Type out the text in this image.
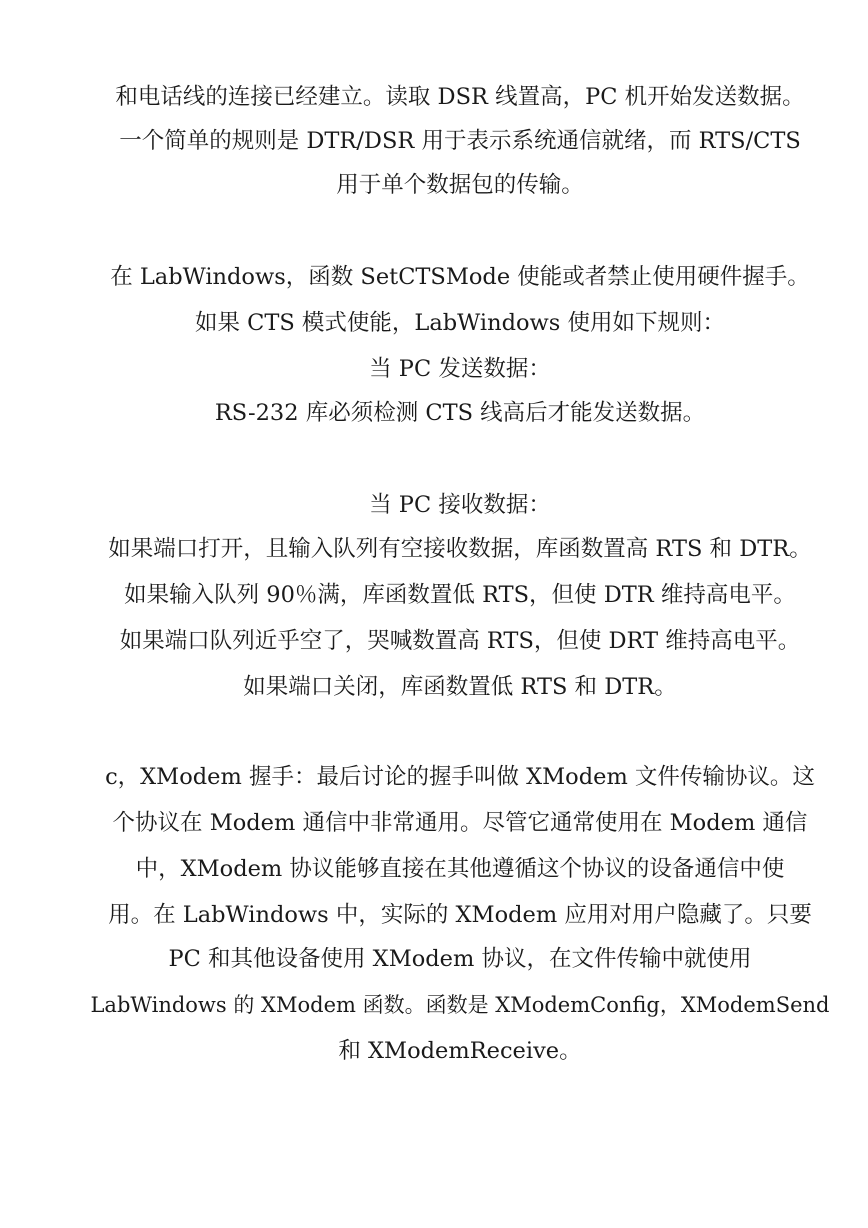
和电话线的连接已经建立。读取 DSR 线置高，PC 机开始发送数据。
一个简单的规则是 DTR/DSR 用于表示系统通信就绪，而 RTS/CTS
用于单个数据包的传输。
在 LabWindows，函数 SetCTSMode 使能或者禁止使用硬件握手。
如果 CTS 模式使能，LabWindows 使用如下规则：
当 PC 发送数据：
RS-232 库必须检测 CTS 线高后才能发送数据。
当 PC 接收数据：
如果端口打开，且输入队列有空接收数据，库函数置高 RTS 和 DTR。
如果输入队列 90％满，库函数置低 RTS，但使 DTR 维持高电平。
如果端口队列近乎空了，哭喊数置高 RTS，但使 DRT 维持高电平。
如果端口关闭，库函数置低 RTS 和 DTR。
c，XModem 握手：最后讨论的握手叫做 XModem 文件传输协议。这
个协议在 Modem 通信中非常通用。尽管它通常使用在 Modem 通信
中，XModem 协议能够直接在其他遵循这个协议的设备通信中使
用。在 LabWindows 中，实际的 XModem 应用对用户隐藏了。只要
PC 和其他设备使用 XModem 协议，在文件传输中就使用
LabWindows 的 XModem 函数。函数是 XModemConfig，XModemSend
和 XModemReceive。
